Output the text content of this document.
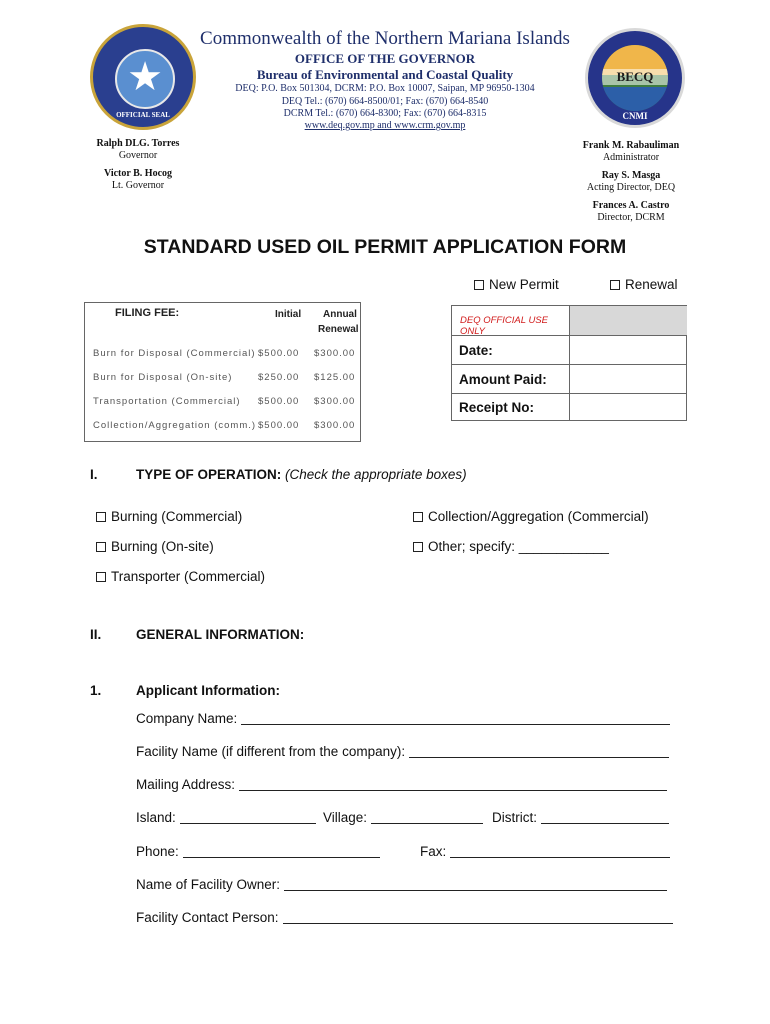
★
OFFICIAL SEAL
BECQ
CNMI
Commonwealth of the Northern Mariana Islands
OFFICE OF THE GOVERNOR
Bureau of Environmental and Coastal Quality
DEQ: P.O. Box 501304, DCRM: P.O. Box 10007, Saipan, MP 96950-1304
DEQ Tel.: (670) 664-8500/01; Fax: (670) 664-8540
DCRM Tel.: (670) 664-8300; Fax: (670) 664-8315
www.deq.gov.mp and www.crm.gov.mp
Ralph DLG. Torres
Governor
Victor B. Hocog
Lt. Governor
Frank M. Rabauliman
Administrator
Ray S. Masga
Acting Director, DEQ
Frances A. Castro
Director, DCRM
STANDARD USED OIL PERMIT APPLICATION FORM
New Permit	Renewal
FILING FEE:	Initial Annual
Renewal
Burn for Disposal (Commercial) $500.00 $300.00
Burn for Disposal (On-site)	$250.00 $125.00
Transportation (Commercial) $500.00 $300.00
Collection/Aggregation (comm.) $500.00 $300.00
DEQ OFFICIAL USE ONLY
Date:
Amount Paid:
Receipt No:
I.	TYPE OF OPERATION: (Check the appropriate boxes)
Burning (Commercial)	Collection/Aggregation (Commercial)
Burning (On-site)	Other; specify: ____________
Transporter (Commercial)
II.	GENERAL INFORMATION:
1.	Applicant Information:
Company Name:
Facility Name (if different from the company):
Mailing Address:
Island:	Village:	District:
Phone:	Fax:
Name of Facility Owner:
Facility Contact Person:
